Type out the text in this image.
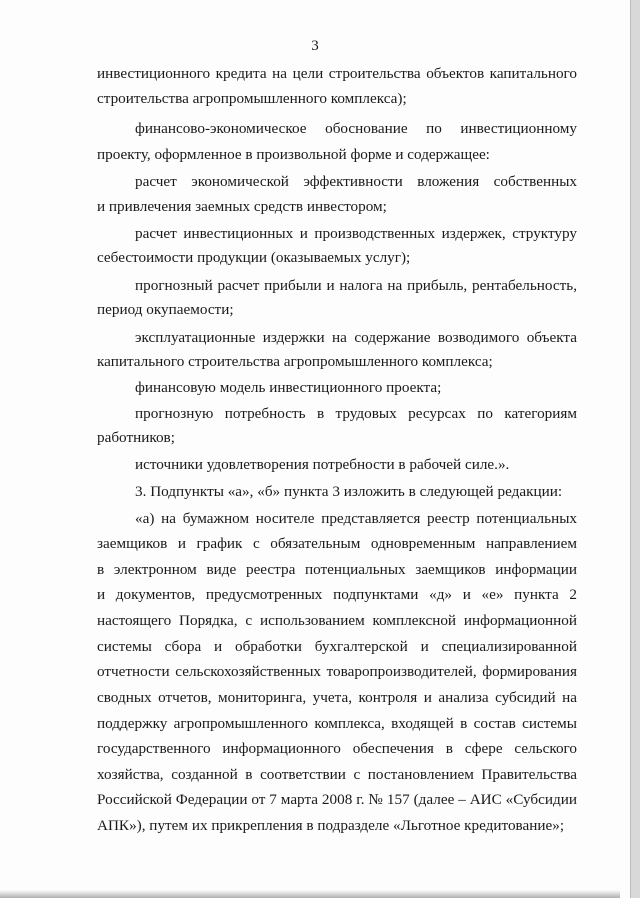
3
инвестиционного кредита на цели строительства объектов капитального
строительства агропромышленного комплекса);
финансово-экономическое обоснование по инвестиционному
проекту, оформленное в произвольной форме и содержащее:
расчет экономической эффективности вложения собственных
и привлечения заемных средств инвестором;
расчет инвестиционных и производственных издержек, структуру
себестоимости продукции (оказываемых услуг);
прогнозный расчет прибыли и налога на прибыль, рентабельность,
период окупаемости;
эксплуатационные издержки на содержание возводимого объекта
капитального строительства агропромышленного комплекса;
финансовую модель инвестиционного проекта;
прогнозную потребность в трудовых ресурсах по категориям
работников;
источники удовлетворения потребности в рабочей силе.».
3. Подпункты «а», «б» пункта 3 изложить в следующей редакции:
«а) на бумажном носителе представляется реестр потенциальных
заемщиков и график с обязательным одновременным направлением
в электронном виде реестра потенциальных заемщиков информации
и документов, предусмотренных подпунктами «д» и «е» пункта 2
настоящего Порядка, с использованием комплексной информационной
системы сбора и обработки бухгалтерской и специализированной
отчетности сельскохозяйственных товаропроизводителей, формирования
сводных отчетов, мониторинга, учета, контроля и анализа субсидий на
поддержку агропромышленного комплекса, входящей в состав системы
государственного информационного обеспечения в сфере сельского
хозяйства, созданной в соответствии с постановлением Правительства
Российской Федерации от 7 марта 2008 г. № 157 (далее – АИС «Субсидии
АПК»), путем их прикрепления в подразделе «Льготное кредитование»;
